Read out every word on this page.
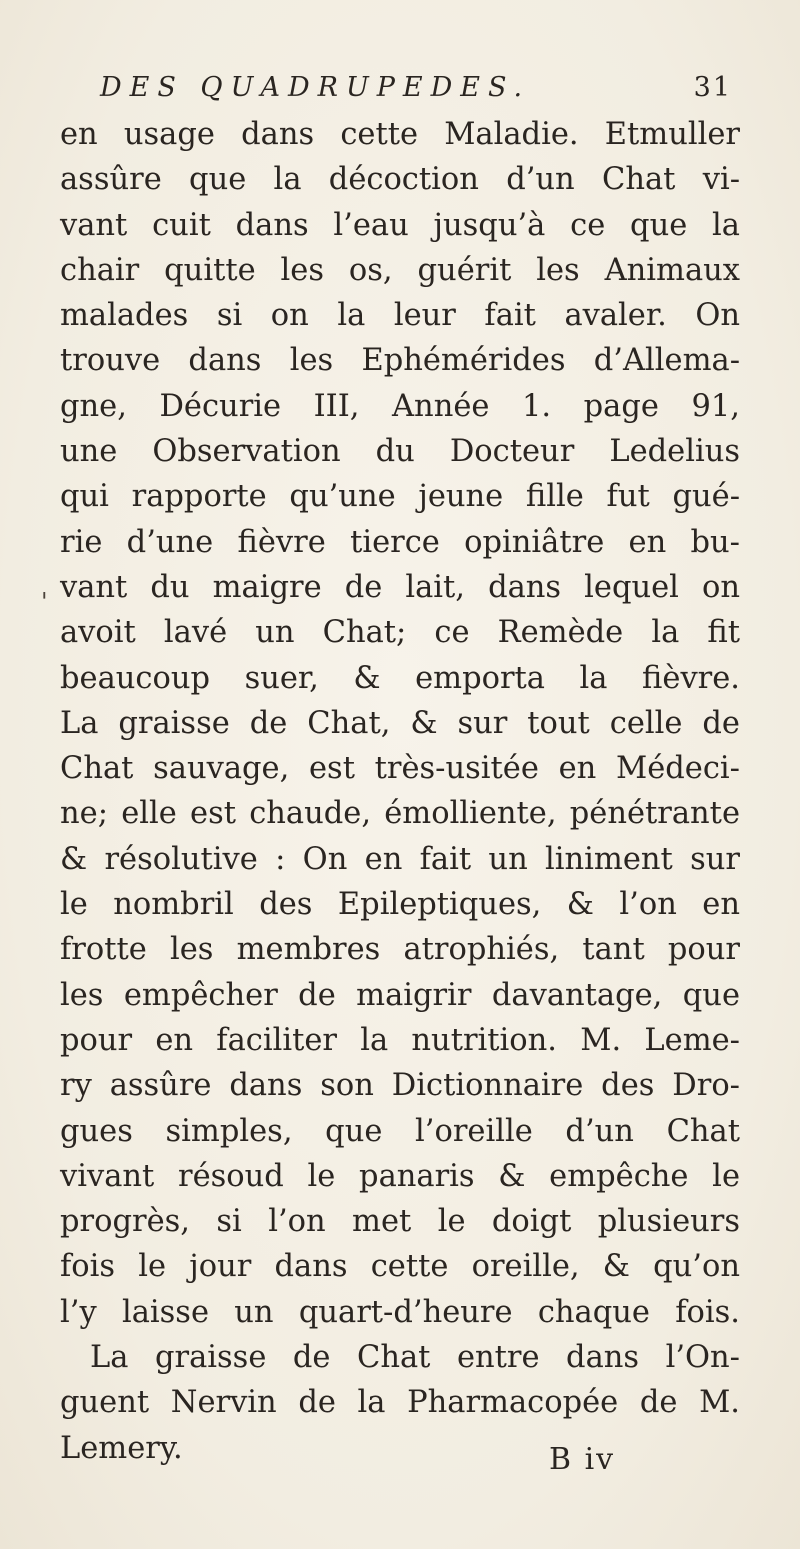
DES QUADRUPEDES.	31
'
en usage dans cette Maladie. Etmuller
assûre que la décoction d’un Chat vi-
vant cuit dans l’eau jusqu’à ce que la
chair quitte les os, guérit les Animaux
malades si on la leur fait avaler. On
trouve dans les Ephémérides d’Allema-
gne, Décurie III, Année 1. page 91,
une Observation du Docteur Ledelius
qui rapporte qu’une jeune fille fut gué-
rie d’une fièvre tierce opiniâtre en bu-
vant du maigre de lait, dans lequel on
avoit lavé un Chat; ce Remède la fit
beaucoup suer, & emporta la fièvre.
La graisse de Chat, & sur tout celle de
Chat sauvage, est très-usitée en Médeci-
ne; elle est chaude, émolliente, pénétrante
& résolutive : On en fait un liniment sur
le nombril des Epileptiques, & l’on en
frotte les membres atrophiés, tant pour
les empêcher de maigrir davantage, que
pour en faciliter la nutrition. M. Leme-
ry assûre dans son Dictionnaire des Dro-
gues simples, que l’oreille d’un Chat
vivant résoud le panaris & empêche le
progrès, si l’on met le doigt plusieurs
fois le jour dans cette oreille, & qu’on
l’y laisse un quart-d’heure chaque fois.
La graisse de Chat entre dans l’On-
guent Nervin de la Pharmacopée de M.
Lemery.	B iv
